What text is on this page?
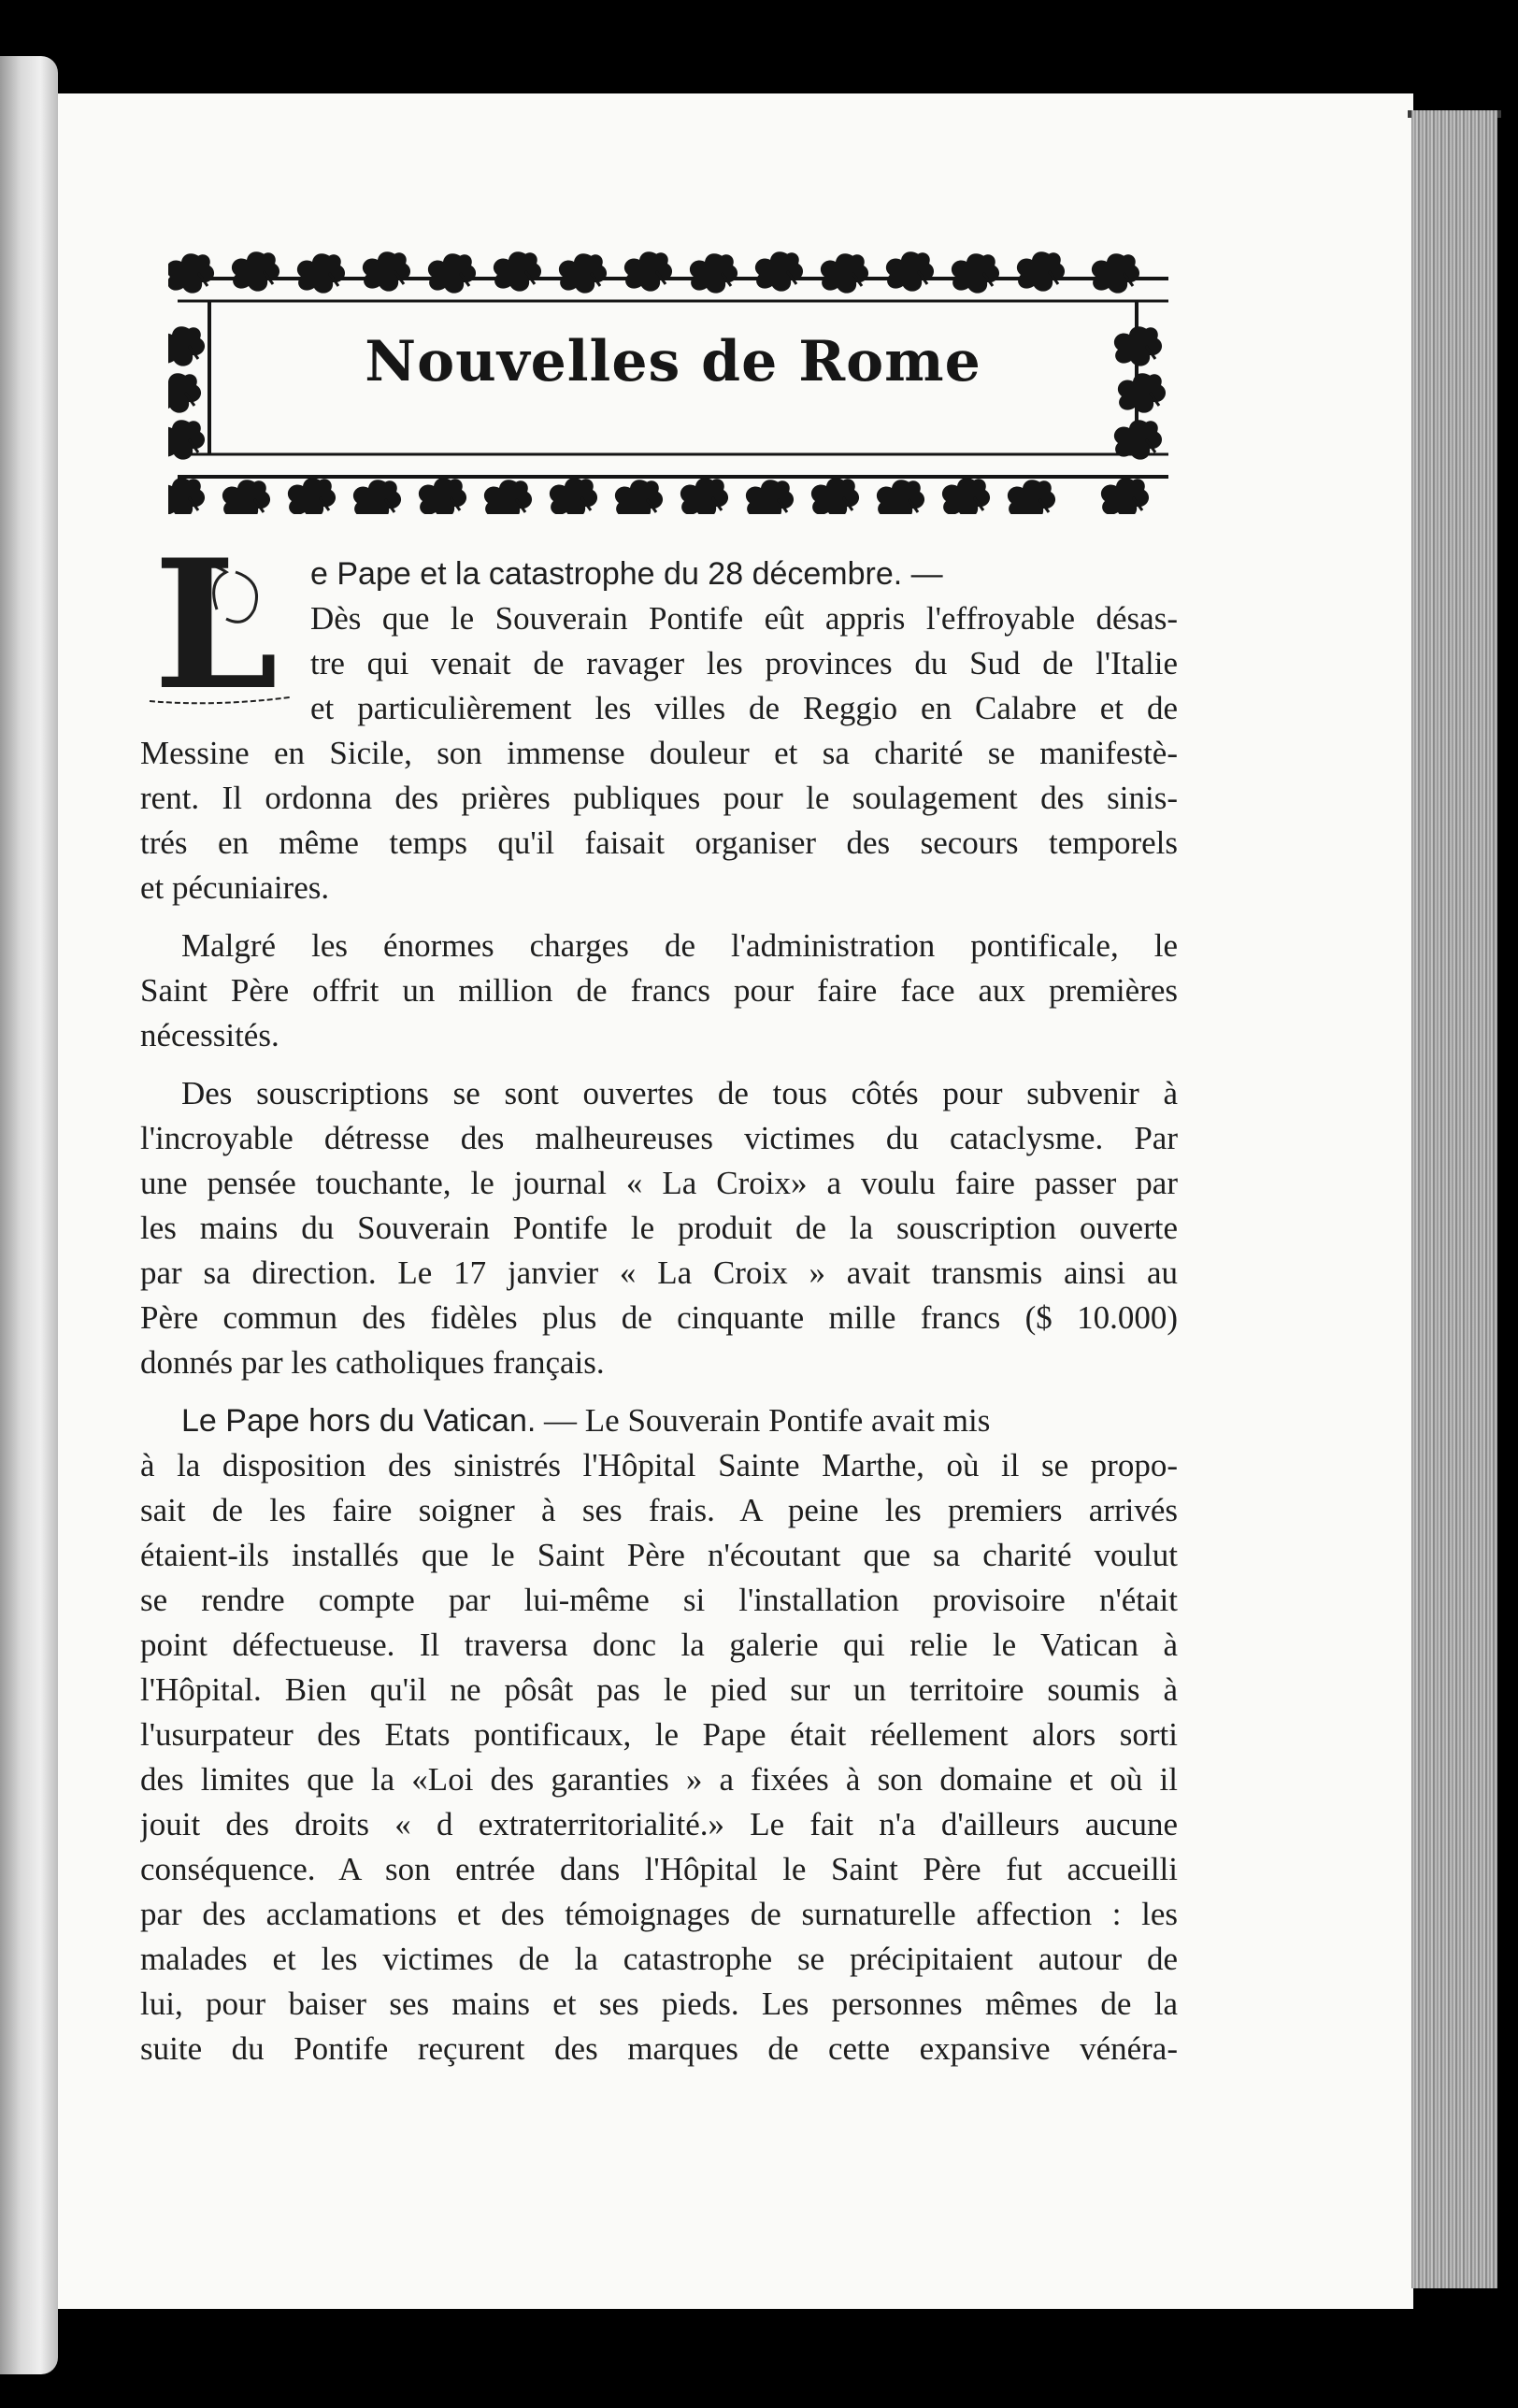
Nouvelles de Rome
L	e Pape et la catastrophe du 28 décembre. —
Dès que le Souverain Pontife eût appris l'effroyable désas-
tre qui venait de ravager les provinces du Sud de l'Italie
et particulièrement les villes de Reggio en Calabre et de
Messine en Sicile, son immense douleur et sa charité se manifestè-
rent. Il ordonna des prières publiques pour le soulagement des sinis-
trés en même temps qu'il faisait organiser des secours temporels
et pécuniaires.
Malgré les énormes charges de l'administration pontificale, le
Saint Père offrit un million de francs pour faire face aux premières
nécessités.
Des souscriptions se sont ouvertes de tous côtés pour subvenir à
l'incroyable détresse des malheureuses victimes du cataclysme. Par
une pensée touchante, le journal « La Croix» a voulu faire passer par
les mains du Souverain Pontife le produit de la souscription ouverte
par sa direction. Le 17 janvier « La Croix » avait transmis ainsi au
Père commun des fidèles plus de cinquante mille francs ($ 10.000)
donnés par les catholiques français.
Le Pape hors du Vatican. — Le Souverain Pontife avait mis
à la disposition des sinistrés l'Hôpital Sainte Marthe, où il se propo-
sait de les faire soigner à ses frais. A peine les premiers arrivés
étaient-ils installés que le Saint Père n'écoutant que sa charité voulut
se rendre compte par lui-même si l'installation provisoire n'était
point défectueuse. Il traversa donc la galerie qui relie le Vatican à
l'Hôpital. Bien qu'il ne pôsât pas le pied sur un territoire soumis à
l'usurpateur des Etats pontificaux, le Pape était réellement alors sorti
des limites que la «Loi des garanties » a fixées à son domaine et où il
jouit des droits « d extraterritorialité.» Le fait n'a d'ailleurs aucune
conséquence. A son entrée dans l'Hôpital le Saint Père fut accueilli
par des acclamations et des témoignages de surnaturelle affection : les
malades et les victimes de la catastrophe se précipitaient autour de
lui, pour baiser ses mains et ses pieds. Les personnes mêmes de la
suite du Pontife reçurent des marques de cette expansive vénéra-
